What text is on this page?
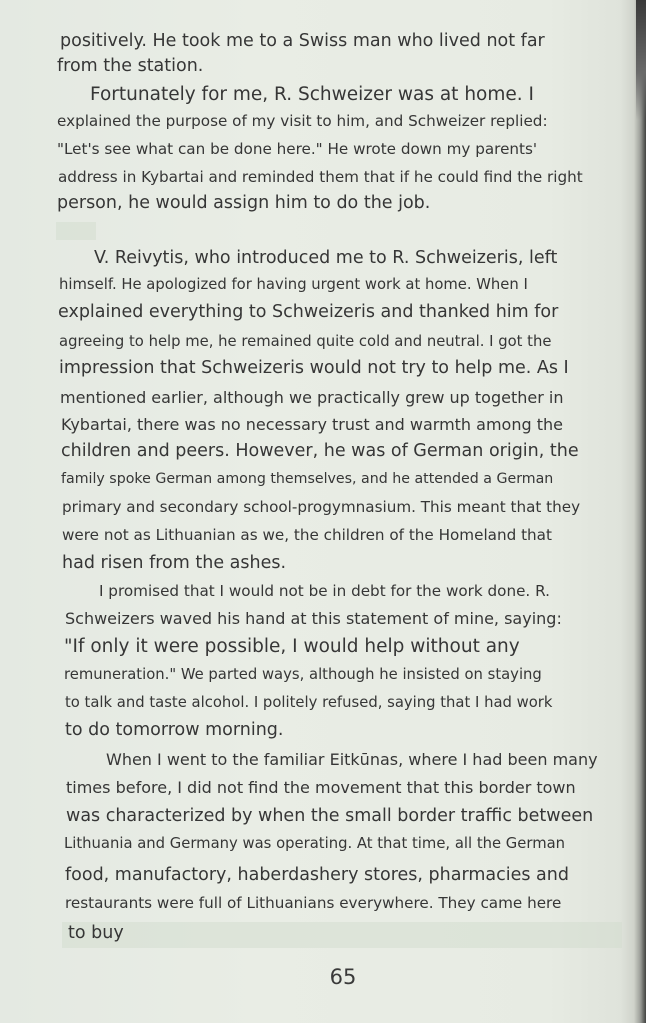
positively. He took me to a Swiss man who lived not far
from the station.
Fortunately for me, R. Schweizer was at home. I
explained the purpose of my visit to him, and Schweizer replied:
"Let's see what can be done here." He wrote down my parents'
address in Kybartai and reminded them that if he could find the right
person, he would assign him to do the job.
V. Reivytis, who introduced me to R. Schweizeris, left
himself. He apologized for having urgent work at home. When I
explained everything to Schweizeris and thanked him for
agreeing to help me, he remained quite cold and neutral. I got the
impression that Schweizeris would not try to help me. As I
mentioned earlier, although we practically grew up together in
Kybartai, there was no necessary trust and warmth among the
children and peers. However, he was of German origin, the
family spoke German among themselves, and he attended a German
primary and secondary school-progymnasium. This meant that they
were not as Lithuanian as we, the children of the Homeland that
had risen from the ashes.
I promised that I would not be in debt for the work done. R.
Schweizers waved his hand at this statement of mine, saying:
"If only it were possible, I would help without any
remuneration." We parted ways, although he insisted on staying
to talk and taste alcohol. I politely refused, saying that I had work
to do tomorrow morning.
When I went to the familiar Eitkūnas, where I had been many
times before, I did not find the movement that this border town
was characterized by when the small border traffic between
Lithuania and Germany was operating. At that time, all the German
food, manufactory, haberdashery stores, pharmacies and
restaurants were full of Lithuanians everywhere. They came here
to buy
65
